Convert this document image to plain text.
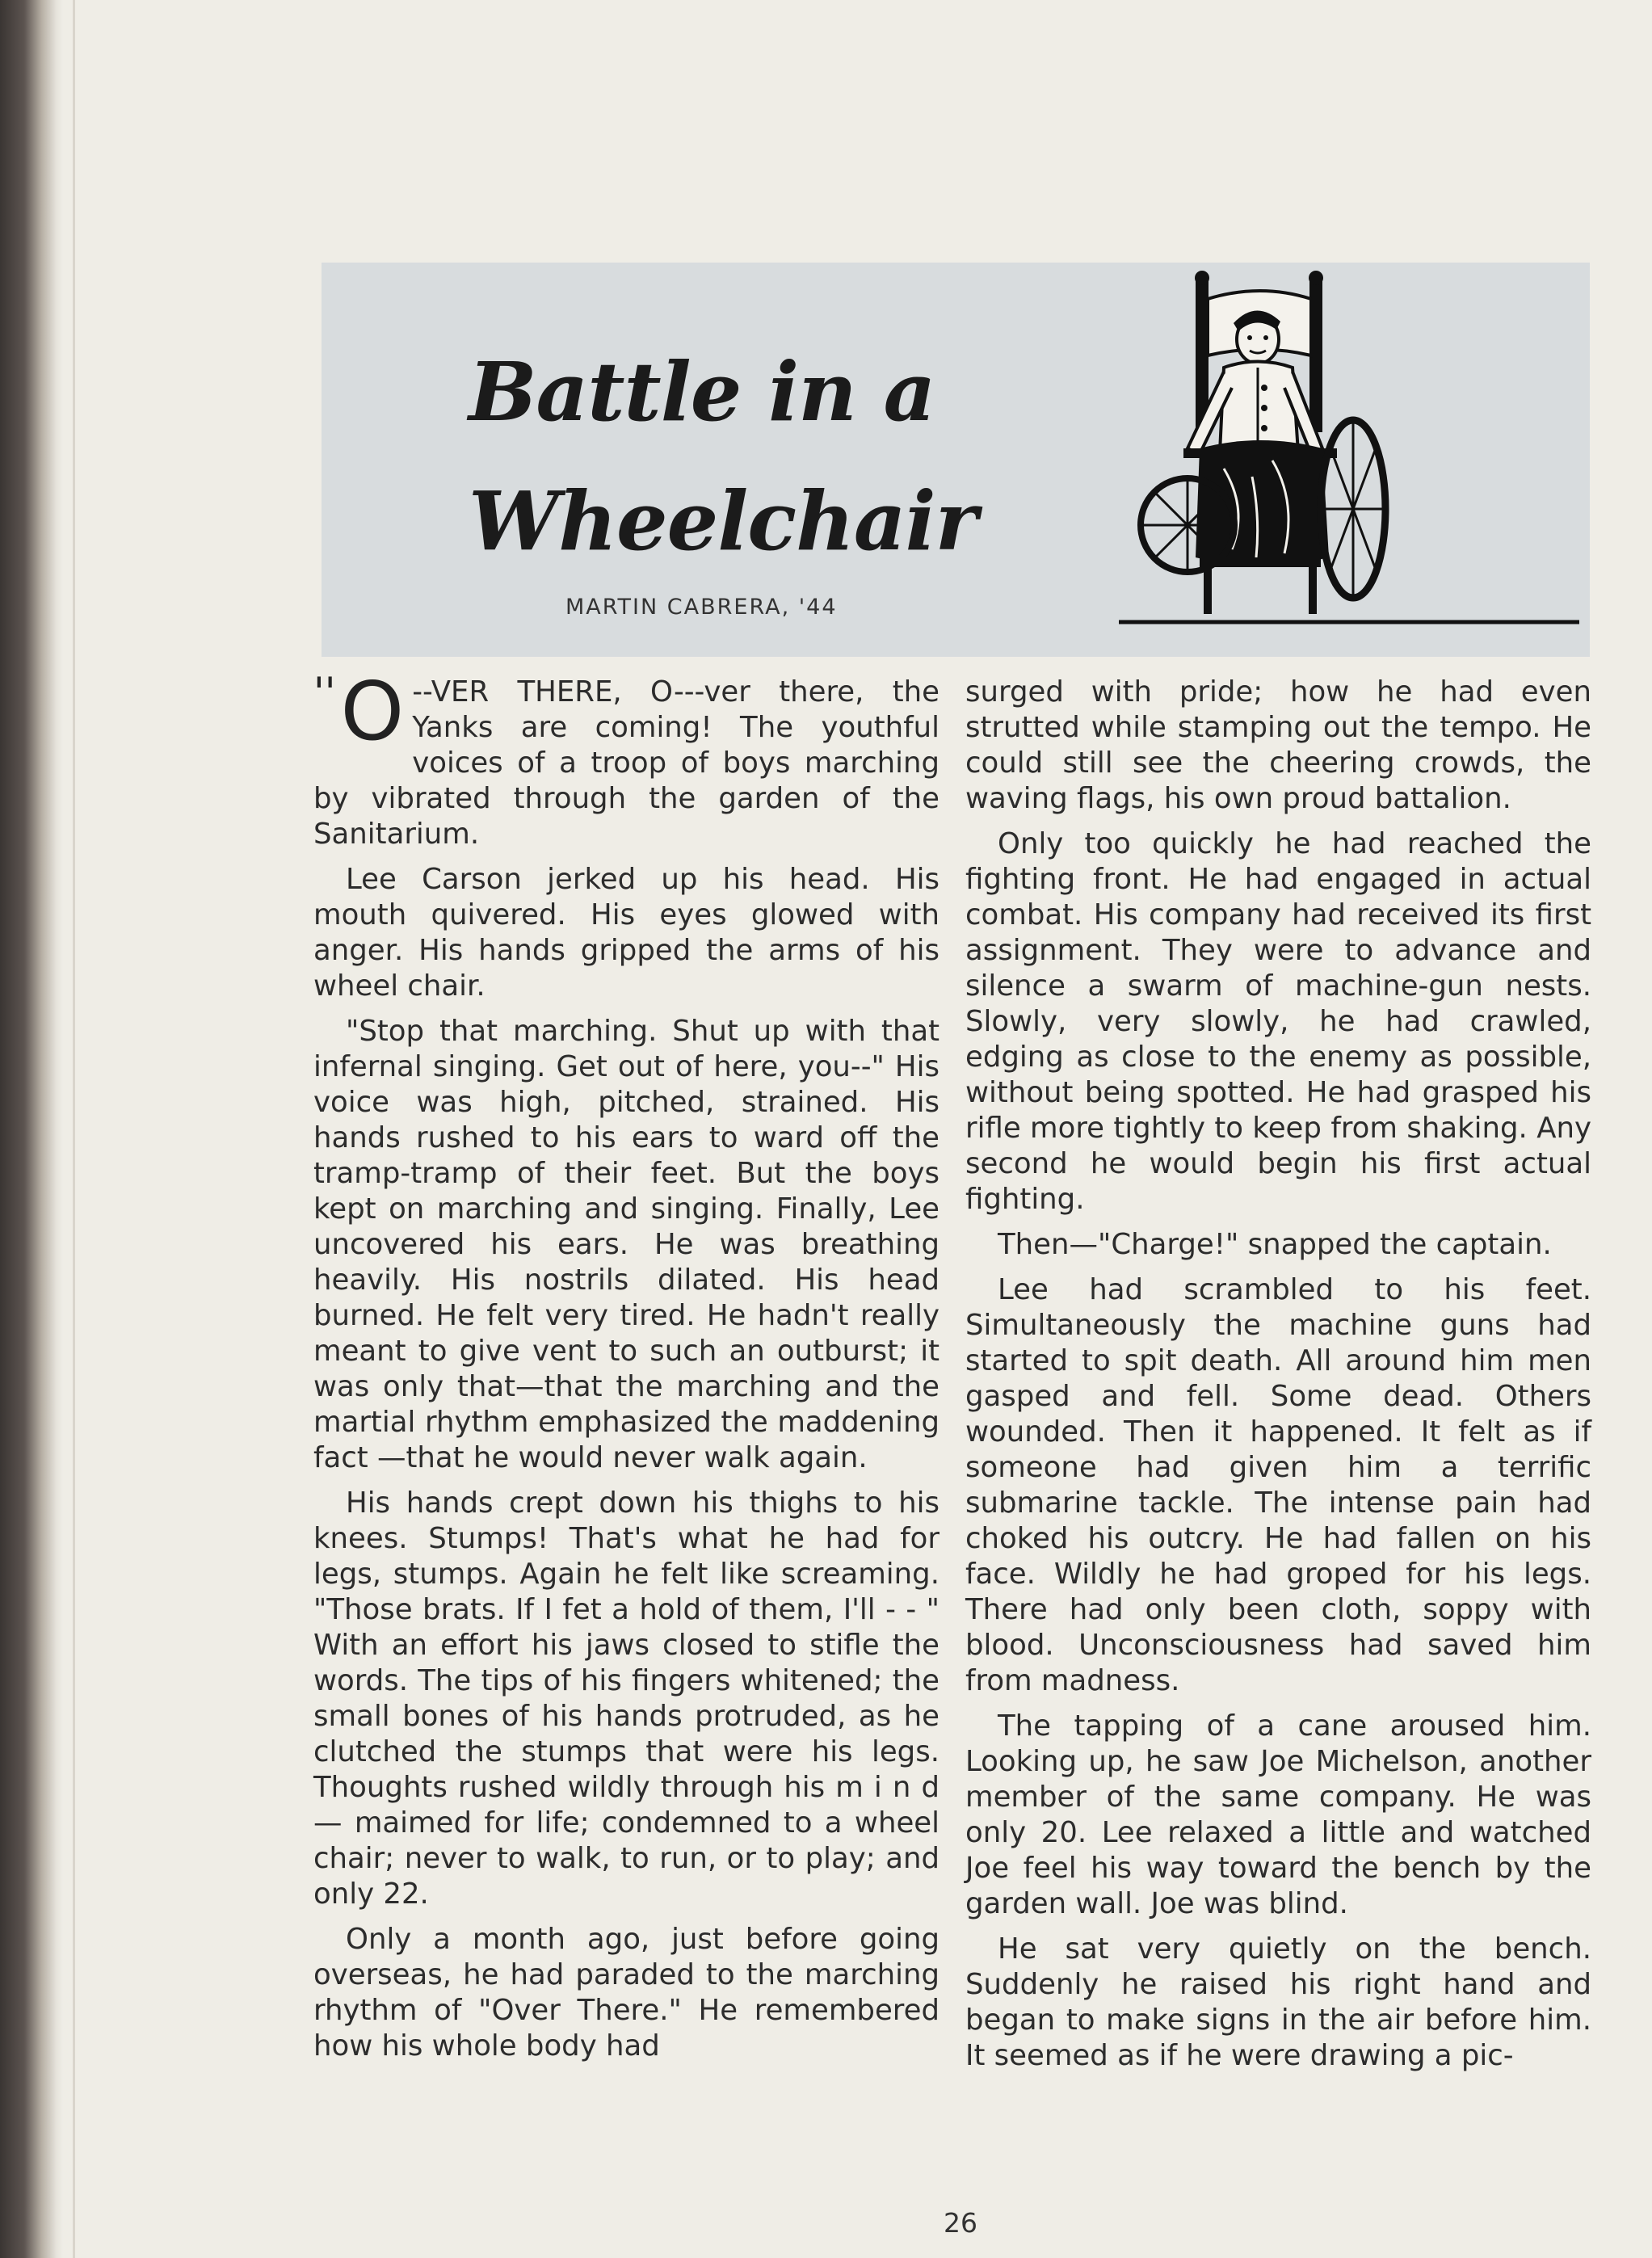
Battle in a
Wheelchair
MARTIN CABRERA, '44

''O --VER THERE, O---ver there, the Yanks are coming! The youthful voices of a troop of boys marching by vibrated through the garden of the Sanitarium.

Lee Carson jerked up his head. His mouth quivered. His eyes glowed with anger. His hands gripped the arms of his wheel chair.

"Stop that marching. Shut up with that infernal singing. Get out of here, you--" His voice was high, pitched, strained. His hands rushed to his ears to ward off the tramp-tramp of their feet. But the boys kept on marching and singing. Finally, Lee uncovered his ears. He was breathing heavily. His nostrils dilated. His head burned. He felt very tired. He hadn't really meant to give vent to such an outburst; it was only that—that the marching and the martial rhythm emphasized the maddening fact —that he would never walk again.

His hands crept down his thighs to his knees. Stumps! That's what he had for legs, stumps. Again he felt like screaming. "Those brats. If I fet a hold of them, I'll - - " With an effort his jaws closed to stifle the words. The tips of his fingers whitened; the small bones of his hands protruded, as he clutched the stumps that were his legs. Thoughts rushed wildly through his m i n d — maimed for life; condemned to a wheel chair; never to walk, to run, or to play; and only 22.

Only a month ago, just before going overseas, he had paraded to the marching rhythm of "Over There." He remembered how his whole body had

surged with pride; how he had even strutted while stamping out the tempo. He could still see the cheering crowds, the waving flags, his own proud battalion.

Only too quickly he had reached the fighting front. He had engaged in actual combat. His company had received its first assignment. They were to advance and silence a swarm of machine-gun nests. Slowly, very slowly, he had crawled, edging as close to the enemy as possible, without being spotted. He had grasped his rifle more tightly to keep from shaking. Any second he would begin his first actual fighting.

Then—"Charge!" snapped the captain.

Lee had scrambled to his feet. Simultaneously the machine guns had started to spit death. All around him men gasped and fell. Some dead. Others wounded. Then it happened. It felt as if someone had given him a terrific submarine tackle. The intense pain had choked his outcry. He had fallen on his face. Wildly he had groped for his legs. There had only been cloth, soppy with blood. Unconsciousness had saved him from madness.

The tapping of a cane aroused him. Looking up, he saw Joe Michelson, another member of the same company. He was only 20. Lee relaxed a little and watched Joe feel his way toward the bench by the garden wall. Joe was blind.

He sat very quietly on the bench. Suddenly he raised his right hand and began to make signs in the air before him. It seemed as if he were drawing a pic-

26
